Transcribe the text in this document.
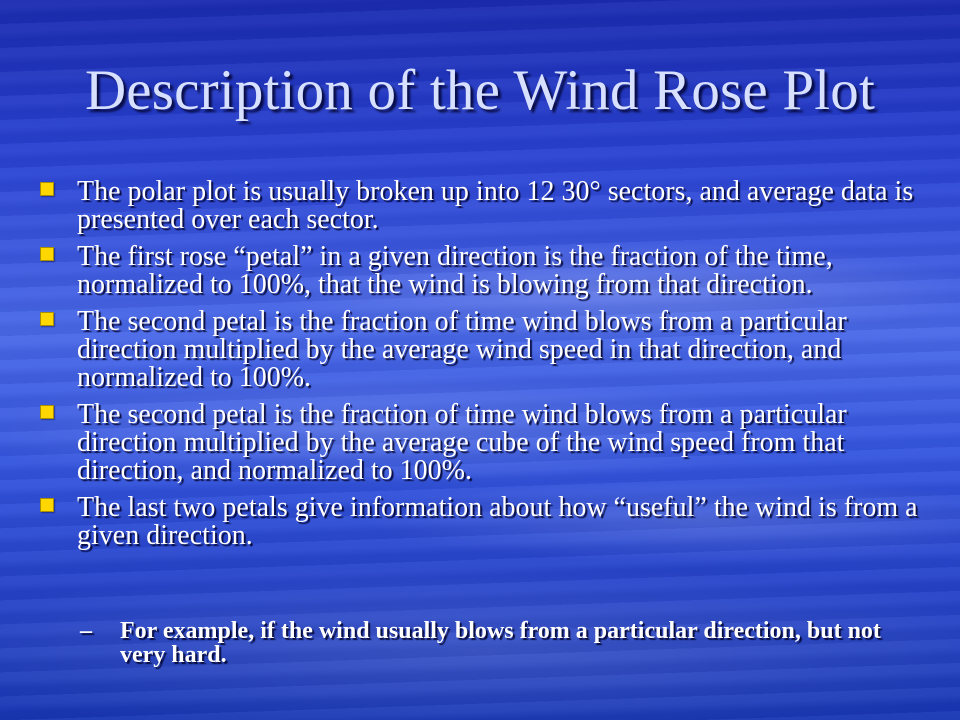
Description of the Wind Rose Plot
The polar plot is usually broken up into 12 30° sectors, and average data is presented over each sector.
The first rose “petal” in a given direction is the fraction of the time, normalized to 100%, that the wind is blowing from that direction.
The second petal is the fraction of time wind blows from a particular direction multiplied by the average wind speed in that direction, and normalized to 100%.
The second petal is the fraction of time wind blows from a particular direction multiplied by the average cube of the wind speed from that direction, and normalized to 100%.
The last two petals give information about how “useful” the wind is from a given direction.
– For example, if the wind usually blows from a particular direction, but not very hard.
